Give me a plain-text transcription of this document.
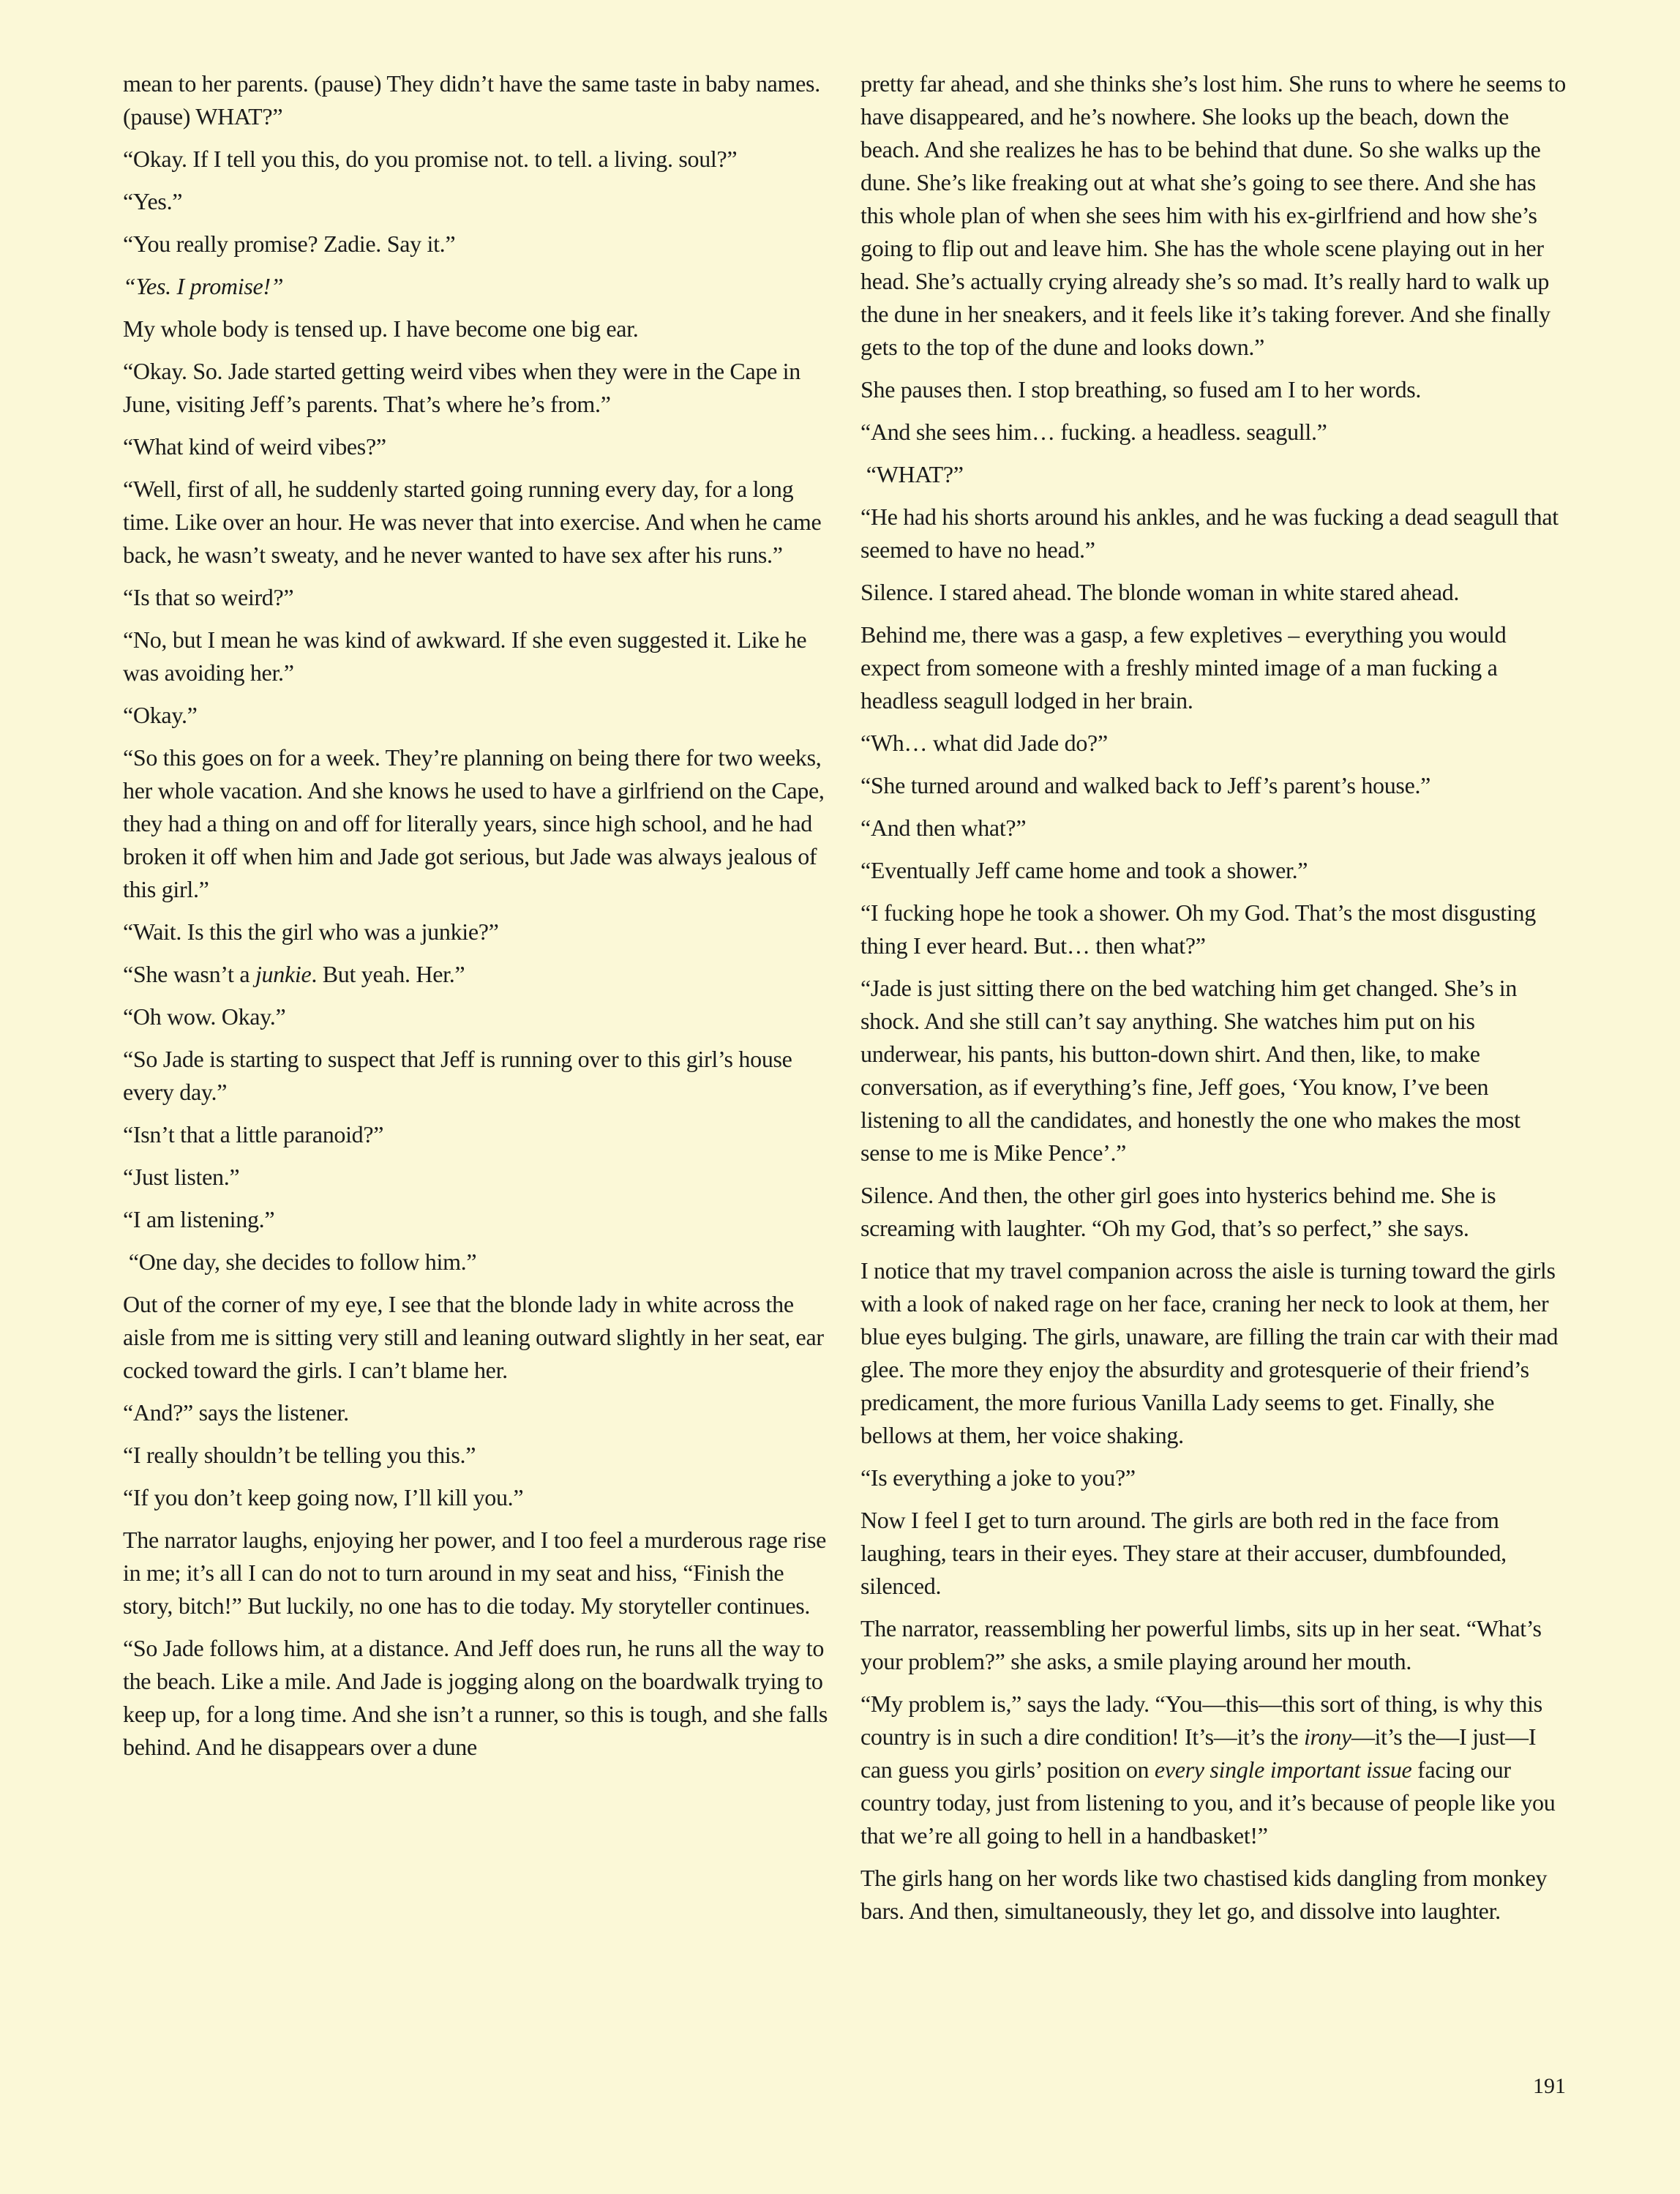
mean to her parents. (pause) They didn’t have the same taste in baby names. (pause) WHAT?”

“Okay. If I tell you this, do you promise not. to tell. a living. soul?”

“Yes.”

“You really promise? Zadie. Say it.”

“Yes. I promise!”

My whole body is tensed up. I have become one big ear.

“Okay. So. Jade started getting weird vibes when they were in the Cape in June, visiting Jeff’s parents. That’s where he’s from.”

“What kind of weird vibes?”

“Well, first of all, he suddenly started going running every day, for a long time. Like over an hour. He was never that into exercise. And when he came back, he wasn’t sweaty, and he never wanted to have sex after his runs.”

“Is that so weird?”

“No, but I mean he was kind of awkward. If she even suggested it. Like he was avoiding her.”

“Okay.”

“So this goes on for a week. They’re planning on being there for two weeks, her whole vacation. And she knows he used to have a girlfriend on the Cape, they had a thing on and off for literally years, since high school, and he had broken it off when him and Jade got serious, but Jade was always jealous of this girl.”

“Wait. Is this the girl who was a junkie?”

“She wasn’t a junkie. But yeah. Her.”

“Oh wow. Okay.”

“So Jade is starting to suspect that Jeff is running over to this girl’s house every day.”

“Isn’t that a little paranoid?”

“Just listen.”

“I am listening.”

“One day, she decides to follow him.”

Out of the corner of my eye, I see that the blonde lady in white across the aisle from me is sitting very still and leaning outward slightly in her seat, ear cocked toward the girls. I can’t blame her.

“And?” says the listener.

“I really shouldn’t be telling you this.”

“If you don’t keep going now, I’ll kill you.”

The narrator laughs, enjoying her power, and I too feel a murderous rage rise in me; it’s all I can do not to turn around in my seat and hiss, “Finish the story, bitch!” But luckily, no one has to die today. My storyteller continues.

“So Jade follows him, at a distance. And Jeff does run, he runs all the way to the beach. Like a mile. And Jade is jogging along on the boardwalk trying to keep up, for a long time. And she isn’t a runner, so this is tough, and she falls behind. And he disappears over a dune

pretty far ahead, and she thinks she’s lost him. She runs to where he seems to have disappeared, and he’s nowhere. She looks up the beach, down the beach. And she realizes he has to be behind that dune. So she walks up the dune. She’s like freaking out at what she’s going to see there. And she has this whole plan of when she sees him with his ex-girlfriend and how she’s going to flip out and leave him. She has the whole scene playing out in her head. She’s actually crying already she’s so mad. It’s really hard to walk up the dune in her sneakers, and it feels like it’s taking forever. And she finally gets to the top of the dune and looks down.”

She pauses then. I stop breathing, so fused am I to her words.

“And she sees him… fucking. a headless. seagull.”

“WHAT?”

“He had his shorts around his ankles, and he was fucking a dead seagull that seemed to have no head.”

Silence. I stared ahead. The blonde woman in white stared ahead.

Behind me, there was a gasp, a few expletives – everything you would expect from someone with a freshly minted image of a man fucking a headless seagull lodged in her brain.

“Wh… what did Jade do?”

“She turned around and walked back to Jeff’s parent’s house.”

“And then what?”

“Eventually Jeff came home and took a shower.”

“I fucking hope he took a shower. Oh my God. That’s the most disgusting thing I ever heard. But… then what?”

“Jade is just sitting there on the bed watching him get changed. She’s in shock. And she still can’t say anything. She watches him put on his underwear, his pants, his button-down shirt. And then, like, to make conversation, as if everything’s fine, Jeff goes, ‘You know, I’ve been listening to all the candidates, and honestly the one who makes the most sense to me is Mike Pence’.”

Silence. And then, the other girl goes into hysterics behind me. She is screaming with laughter. “Oh my God, that’s so perfect,” she says.

I notice that my travel companion across the aisle is turning toward the girls with a look of naked rage on her face, craning her neck to look at them, her blue eyes bulging. The girls, unaware, are filling the train car with their mad glee. The more they enjoy the absurdity and grotesquerie of their friend’s predicament, the more furious Vanilla Lady seems to get. Finally, she bellows at them, her voice shaking.

“Is everything a joke to you?”

Now I feel I get to turn around. The girls are both red in the face from laughing, tears in their eyes. They stare at their accuser, dumbfounded, silenced.

The narrator, reassembling her powerful limbs, sits up in her seat. “What’s your problem?” she asks, a smile playing around her mouth.

“My problem is,” says the lady. “You—this—this sort of thing, is why this country is in such a dire condition! It’s—it’s the irony—it’s the—I just—I can guess you girls’ position on every single important issue facing our country today, just from listening to you, and it’s because of people like you that we’re all going to hell in a handbasket!”

The girls hang on her words like two chastised kids dangling from monkey bars. And then, simultaneously, they let go, and dissolve into laughter.

191
